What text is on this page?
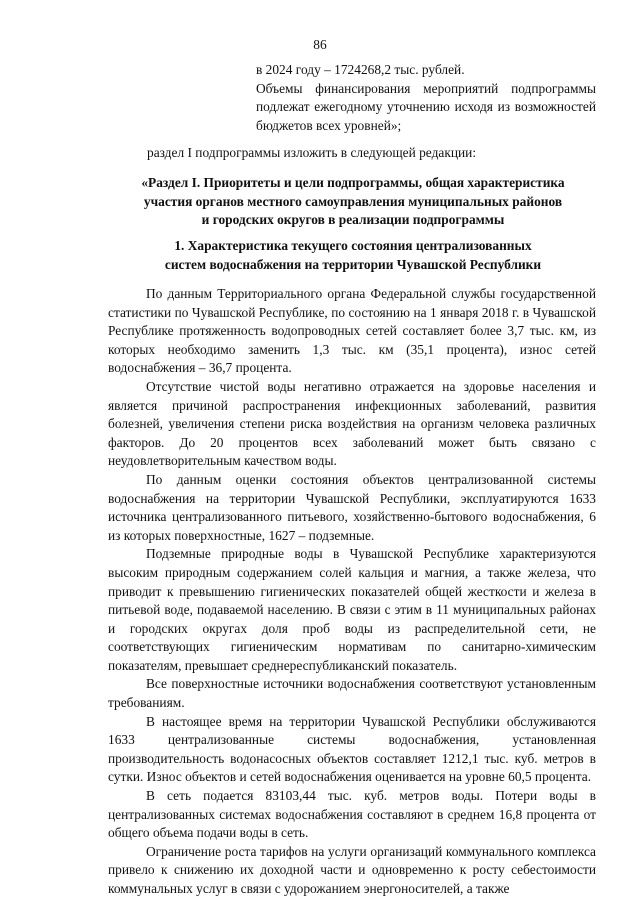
86

в 2024 году – 1724268,2 тыс. рублей.

Объемы финансирования мероприятий подпрограммы подлежат ежегодному уточнению исходя из возможностей бюджетов всех уровней»;

раздел I подпрограммы изложить в следующей редакции:

«Раздел I. Приоритеты и цели подпрограммы, общая характеристика
участия органов местного самоуправления муниципальных районов
и городских округов в реализации подпрограммы
1. Характеристика текущего состояния централизованных
систем водоснабжения на территории Чувашской Республики

По данным Территориального органа Федеральной службы государственной статистики по Чувашской Республике, по состоянию на 1 января 2018 г. в Чувашской Республике протяженность водопроводных сетей составляет более 3,7 тыс. км, из которых необходимо заменить 1,3 тыс. км (35,1 процента), износ сетей водоснабжения – 36,7 процента.

Отсутствие чистой воды негативно отражается на здоровье населения и является причиной распространения инфекционных заболеваний, развития болезней, увеличения степени риска воздействия на организм человека различных факторов. До 20 процентов всех заболеваний может быть связано с неудовлетворительным качеством воды.

По данным оценки состояния объектов централизованной системы водоснабжения на территории Чувашской Республики, эксплуатируются 1633 источника централизованного питьевого, хозяйственно-бытового водоснабжения, 6 из которых поверхностные, 1627 – подземные.

Подземные природные воды в Чувашской Республике характеризуются высоким природным содержанием солей кальция и магния, а также железа, что приводит к превышению гигиенических показателей общей жесткости и железа в питьевой воде, подаваемой населению. В связи с этим в 11 муниципальных районах и городских округах доля проб воды из распределительной сети, не соответствующих гигиеническим нормативам по санитарно-химическим показателям, превышает среднереспубликанский показатель.

Все поверхностные источники водоснабжения соответствуют установленным требованиям.

В настоящее время на территории Чувашской Республики обслуживаются 1633 централизованные системы водоснабжения, установленная производительность водонасосных объектов составляет 1212,1 тыс. куб. метров в сутки. Износ объектов и сетей водоснабжения оценивается на уровне 60,5 процента.

В сеть подается 83103,44 тыс. куб. метров воды. Потери воды в централизованных системах водоснабжения составляют в среднем 16,8 процента от общего объема подачи воды в сеть.

Ограничение роста тарифов на услуги организаций коммунального комплекса привело к снижению их доходной части и одновременно к росту себестоимости коммунальных услуг в связи с удорожанием энергоносителей, а также
